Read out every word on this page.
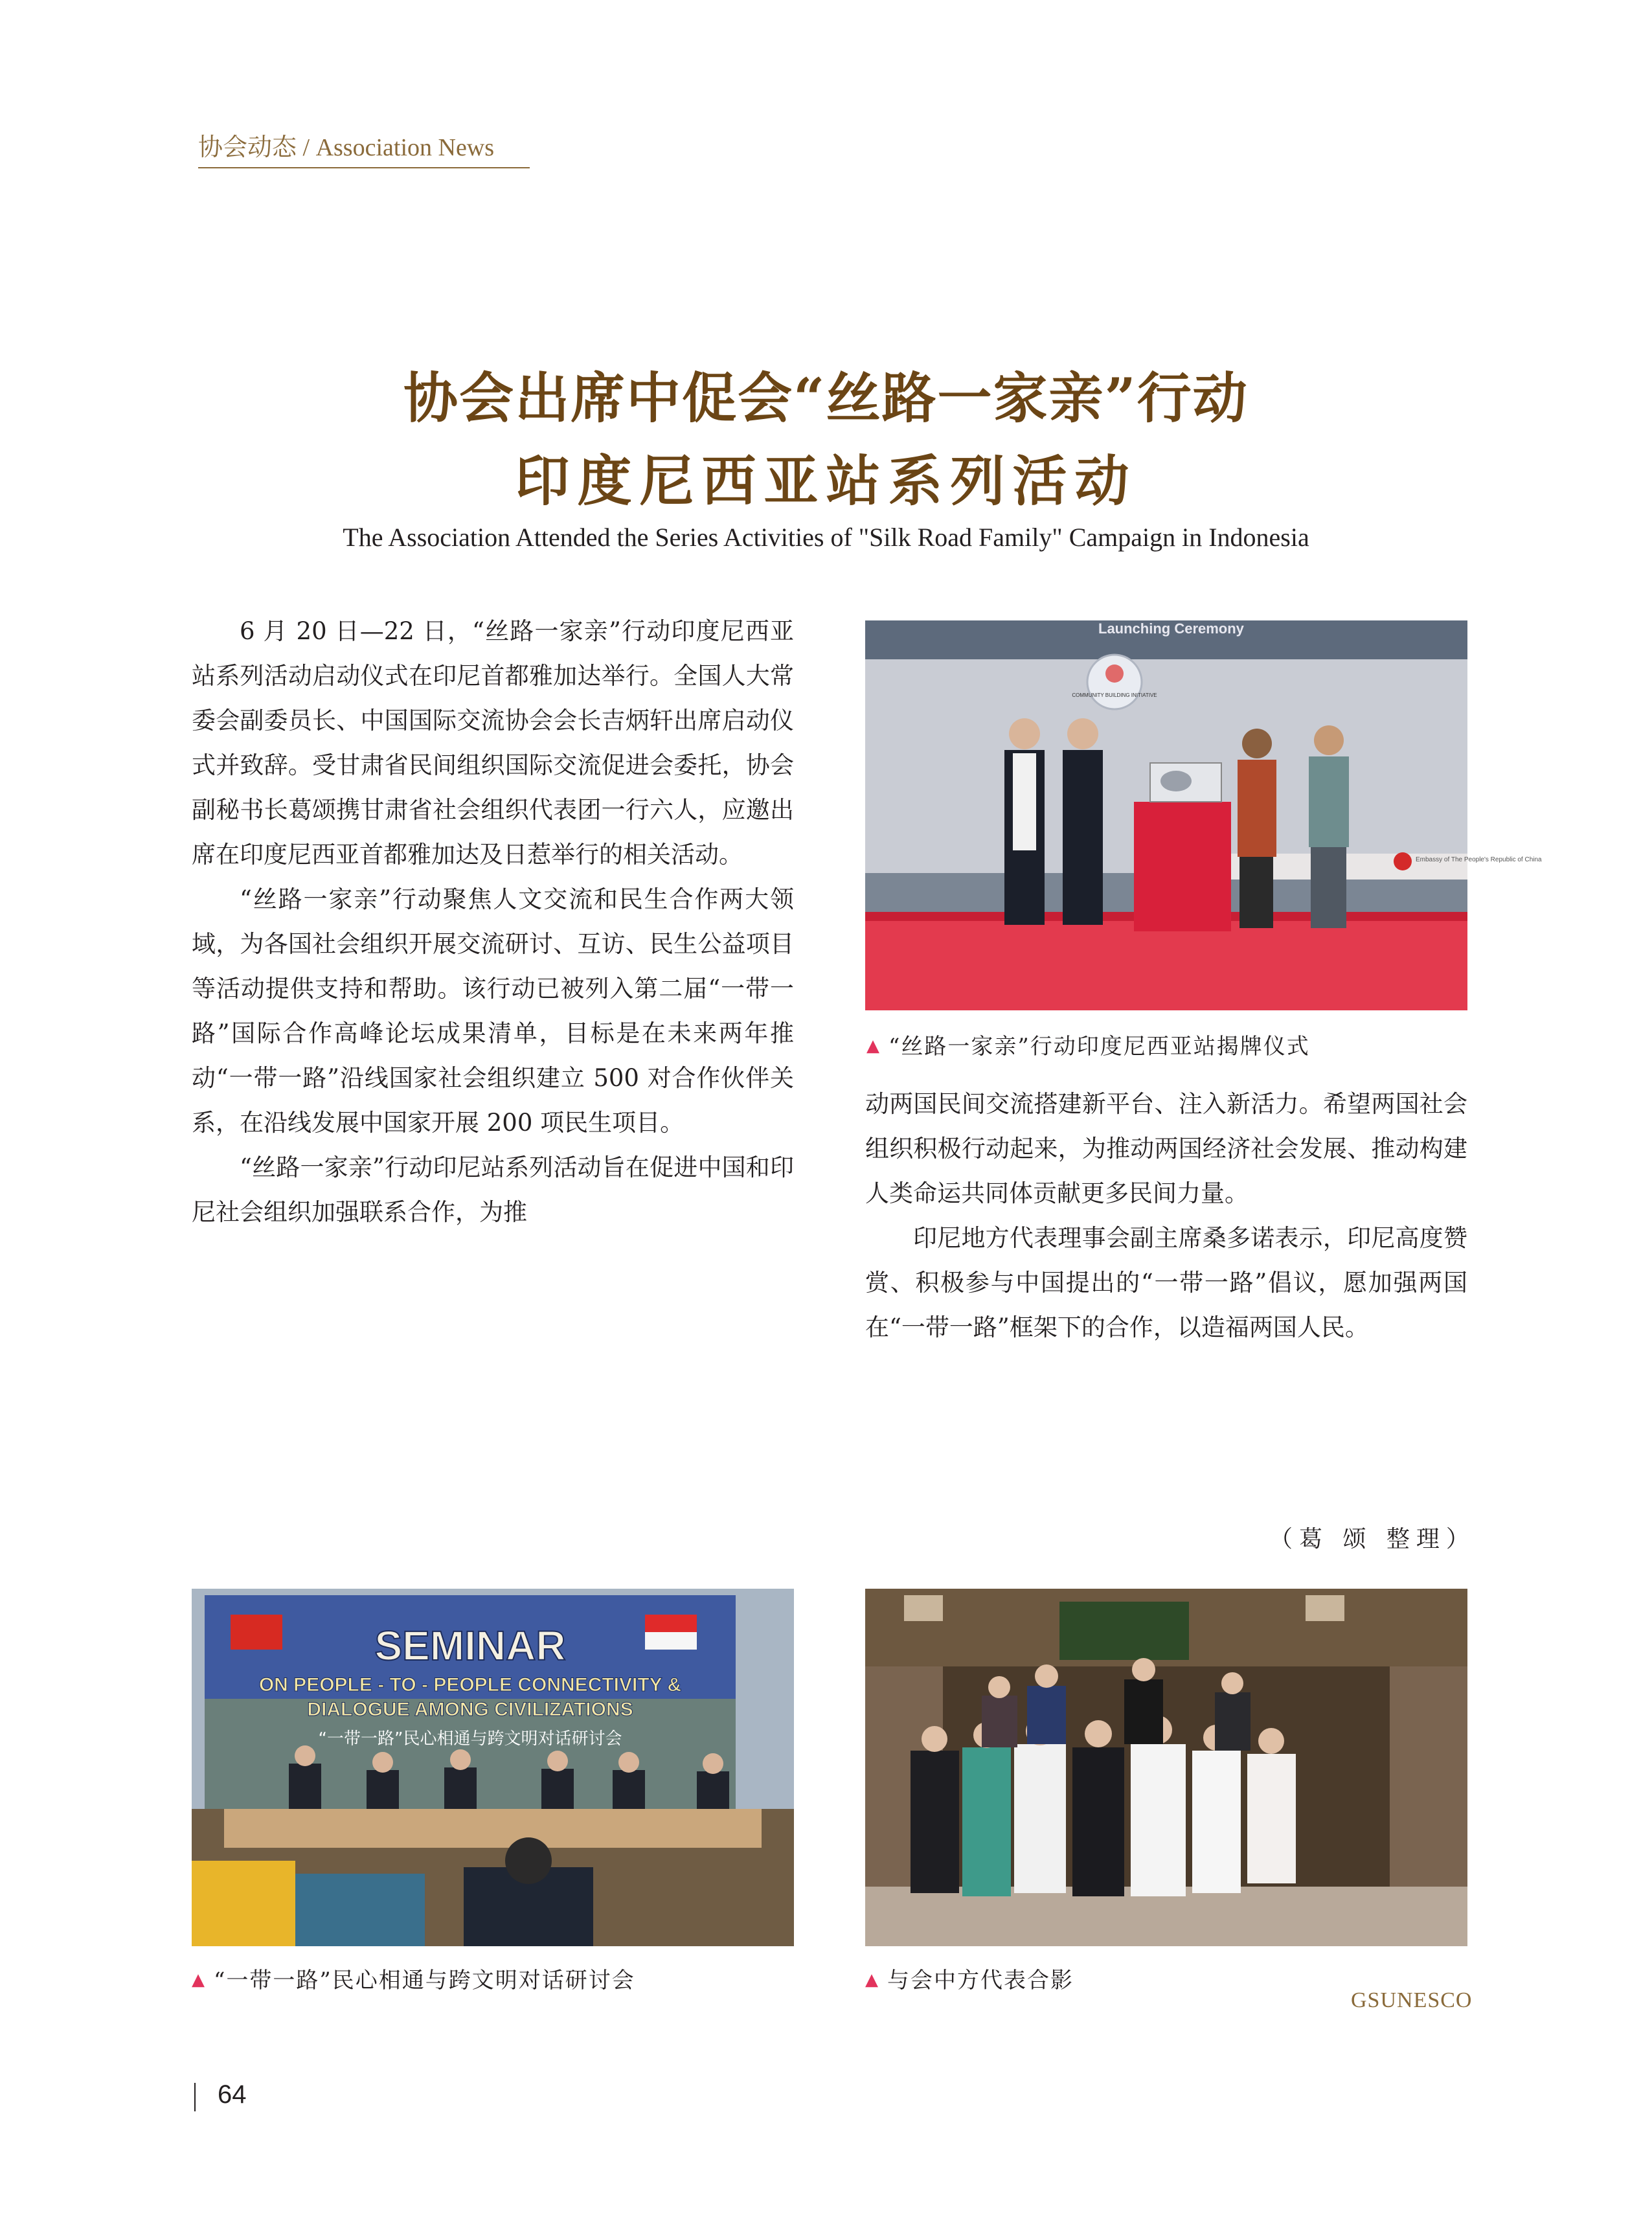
协会动态 / Association News
协会出席中促会“丝路一家亲”行动
印度尼西亚站系列活动
The Association Attended the Series Activities of "Silk Road Family" Campaign in Indonesia

6 月 20 日—22 日，“丝路一家亲”行动印度尼西亚站系列活动启动仪式在印尼首都雅加达举行。全国人大常委会副委员长、中国国际交流协会会长吉炳轩出席启动仪式并致辞。受甘肃省民间组织国际交流促进会委托，协会副秘书长葛颂携甘肃省社会组织代表团一行六人，应邀出席在印度尼西亚首都雅加达及日惹举行的相关活动。

“丝路一家亲”行动聚焦人文交流和民生合作两大领域，为各国社会组织开展交流研讨、互访、民生公益项目等活动提供支持和帮助。该行动已被列入第二届“一带一路”国际合作高峰论坛成果清单，目标是在未来两年推动“一带一路”沿线国家社会组织建立 500 对合作伙伴关系，在沿线发展中国家开展 200 项民生项目。

“丝路一家亲”行动印尼站系列活动旨在促进中国和印尼社会组织加强联系合作，为推

动两国民间交流搭建新平台、注入新活力。希望两国社会组织积极行动起来，为推动两国经济社会发展、推动构建人类命运共同体贡献更多民间力量。

印尼地方代表理事会副主席桑多诺表示，印尼高度赞赏、积极参与中国提出的“一带一路”倡议，愿加强两国在“一带一路”框架下的合作，以造福两国人民。

（葛 颂 整理）
Launching Ceremony
COMMUNITY BUILDING INITIATIVE
Embassy of The People's Republic of China
▲ “丝路一家亲”行动印度尼西亚站揭牌仪式
SEMINAR
ON PEOPLE - TO - PEOPLE CONNECTIVITY &
DIALOGUE AMONG CIVILIZATIONS
“一带一路”民心相通与跨文明对话研讨会
▲ “一带一路”民心相通与跨文明对话研讨会	▲ 与会中方代表合影
GSUNESCO
64
